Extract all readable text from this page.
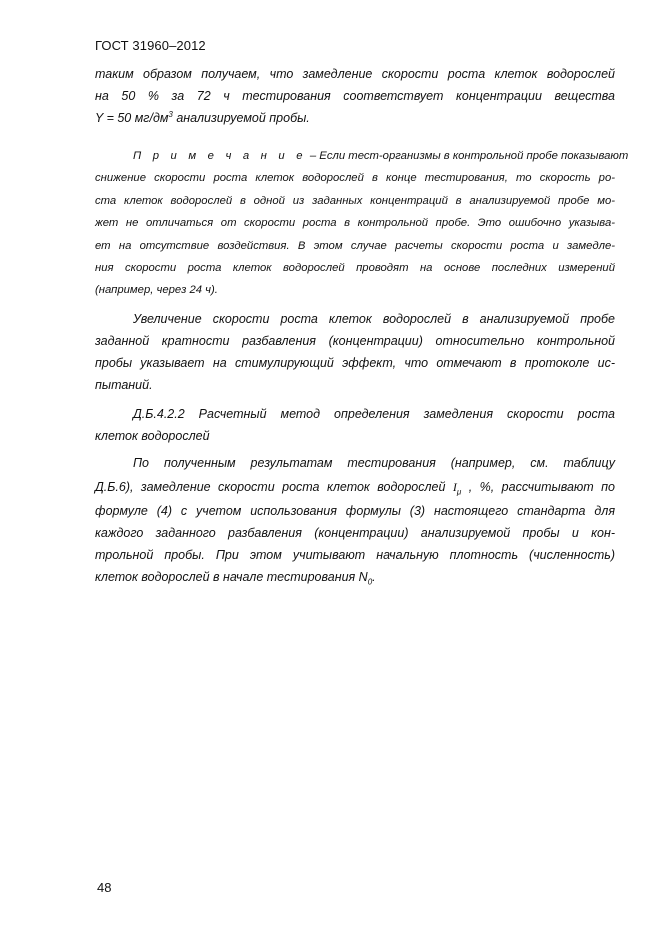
ГОСТ 31960–2012
таким образом получаем, что замедление скорости роста клеток водорослей
на 50 % за 72 ч тестирования соответствует концентрации вещества
Y = 50 $мг/дм^3$ анализируемой пробы.
П р и м е ч а н и е – Если тест-организмы в контрольной пробе показывают
снижение скорости роста клеток водорослей в конце тестирования, то скорость ро-
ста клеток водорослей в одной из заданных концентраций в анализируемой пробе мо-
жет не отличаться от скорости роста в контрольной пробе. Это ошибочно указыва-
ет на отсутствие воздействия. В этом случае расчеты скорости роста и замедле-
ния скорости роста клеток водорослей проводят на основе последних измерений
(например, через 24 ч).
Увеличение скорости роста клеток водорослей в анализируемой пробе
заданной кратности разбавления (концентрации) относительно контрольной
пробы указывает на стимулирующий эффект, что отмечают в протоколе ис-
пытаний.
Д.Б.4.2.2 Расчетный метод определения замедления скорости роста
клеток водорослей
По полученным результатам тестирования (например, см. таблицу
Д.Б.6), замедление скорости роста клеток водорослей $I_\mu$ , %, рассчитывают по
формуле (4) с учетом использования формулы (3) настоящего стандарта для
каждого заданного разбавления (концентрации) анализируемой пробы и кон-
трольной пробы. При этом учитывают начальную плотность (численность)
клеток водорослей в начале тестирования $N_0$.
48
